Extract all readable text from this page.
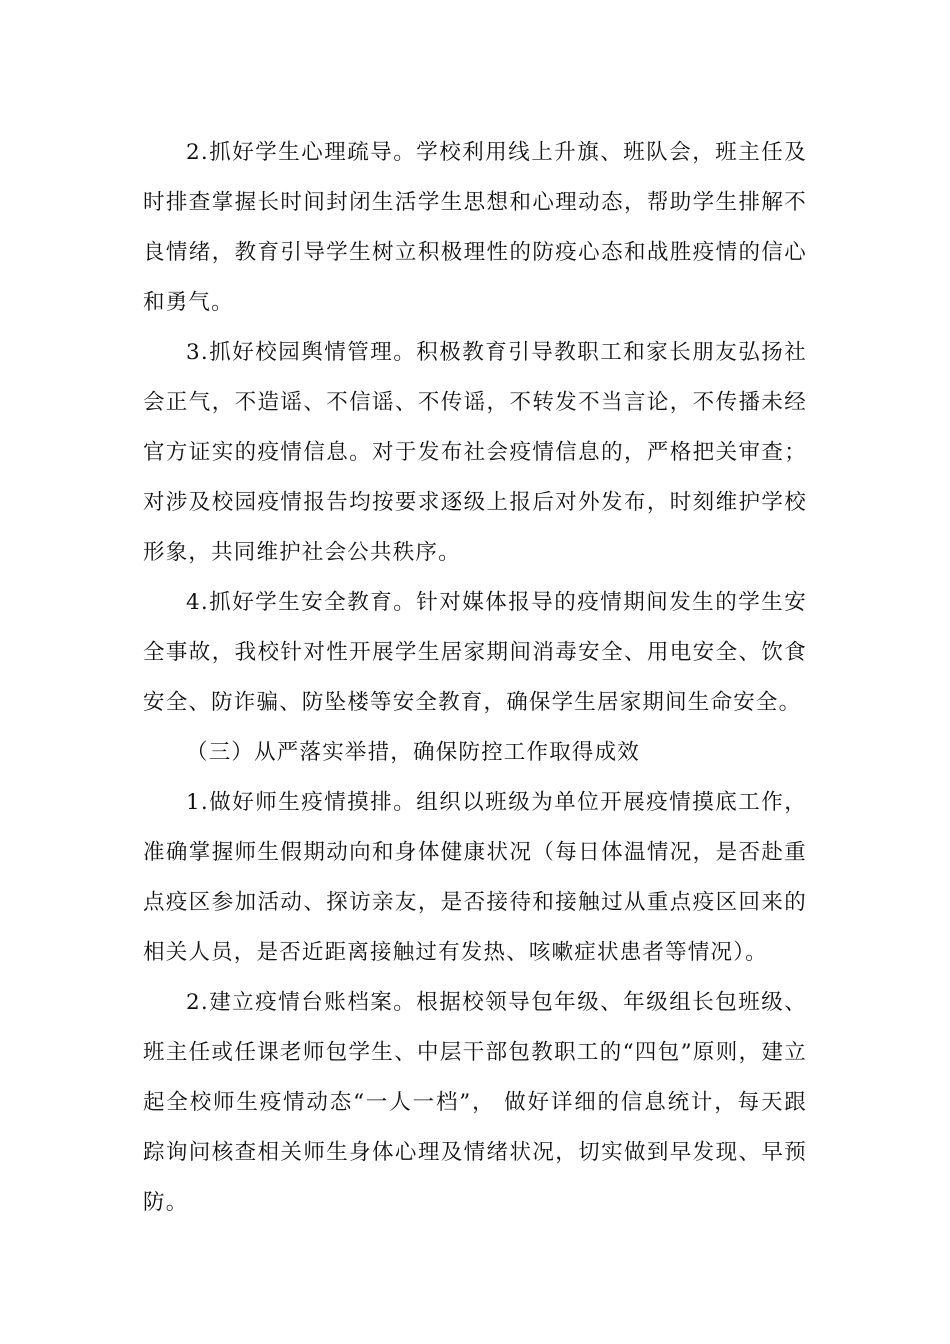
2.抓好学生心理疏导。学校利用线上升旗、班队会，班主任及时排查掌握长时间封闭生活学生思想和心理动态，帮助学生排解不良情绪，教育引导学生树立积极理性的防疫心态和战胜疫情的信心和勇气。

3.抓好校园舆情管理。积极教育引导教职工和家长朋友弘扬社会正气，不造谣、不信谣、不传谣，不转发不当言论，不传播未经官方证实的疫情信息。对于发布社会疫情信息的，严格把关审查；对涉及校园疫情报告均按要求逐级上报后对外发布，时刻维护学校形象，共同维护社会公共秩序。

4.抓好学生安全教育。针对媒体报导的疫情期间发生的学生安全事故，我校针对性开展学生居家期间消毒安全、用电安全、饮食安全、防诈骗、防坠楼等安全教育，确保学生居家期间生命安全。

（三）从严落实举措，确保防控工作取得成效

1.做好师生疫情摸排。组织以班级为单位开展疫情摸底工作，准确掌握师生假期动向和身体健康状况（每日体温情况，是否赴重点疫区参加活动、探访亲友，是否接待和接触过从重点疫区回来的相关人员，是否近距离接触过有发热、咳嗽症状患者等情况）。

2.建立疫情台账档案。根据校领导包年级、年级组长包班级、班主任或任课老师包学生、中层干部包教职工的“四包”原则，建立起全校师生疫情动态“一人一档”， 做好详细的信息统计，每天跟踪询问核查相关师生身体心理及情绪状况，切实做到早发现、早预防。
